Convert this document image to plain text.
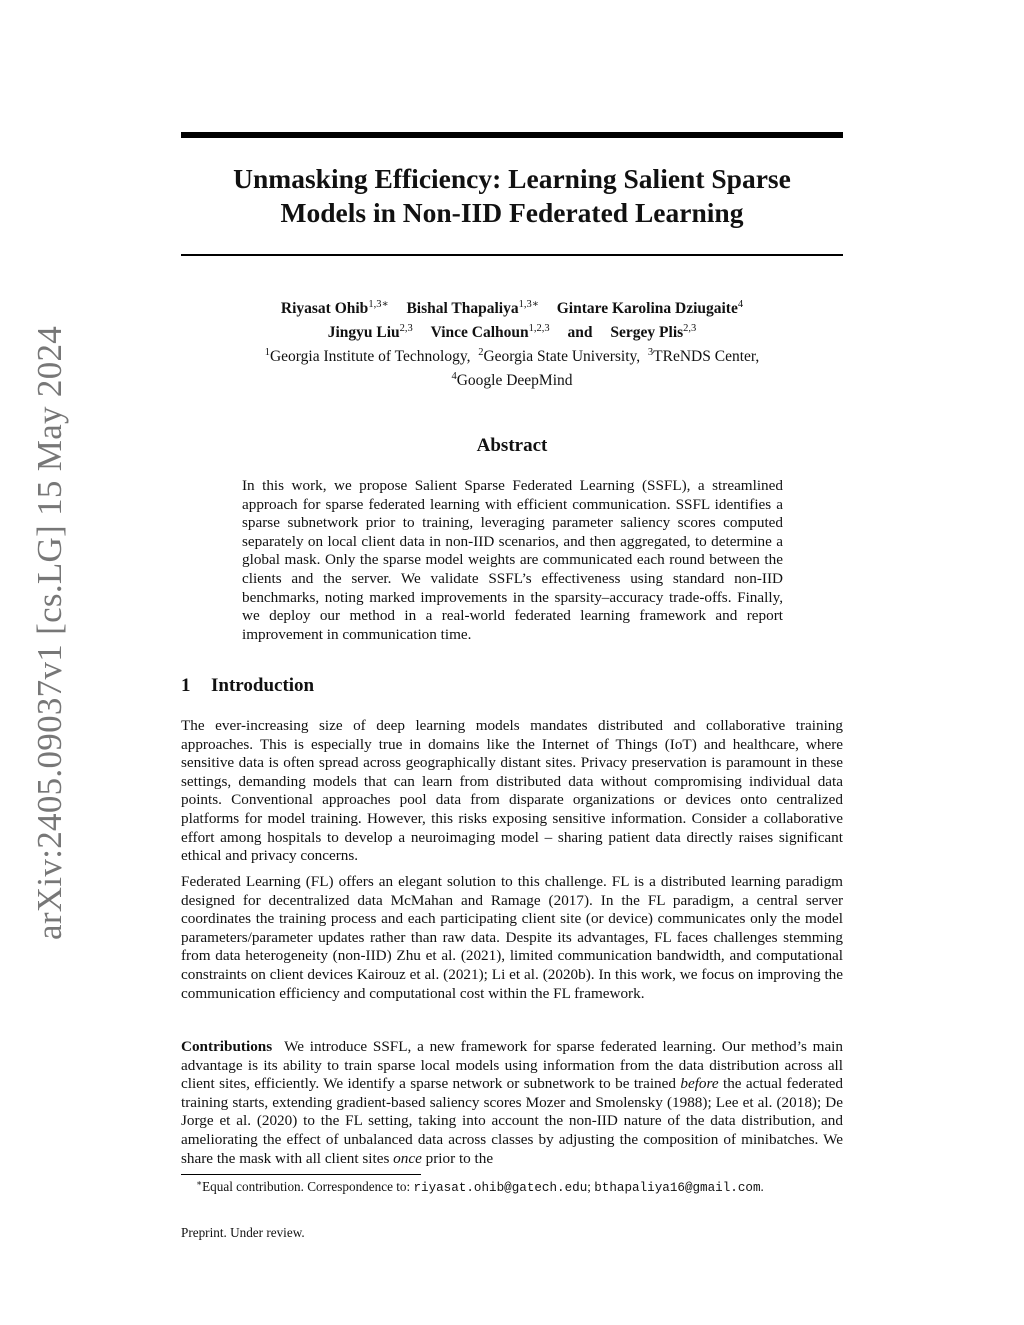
arXiv:2405.09037v1 [cs.LG] 15 May 2024
Unmasking Efficiency: Learning Salient Sparse
Models in Non-IID Federated Learning
Riyasat Ohib$^{1,3∗}$ Bishal Thapaliya$^{1,3∗}$ Gintare Karolina Dziugaite$^4$
Jingyu Liu$^{2,3}$ Vince Calhoun$^{1,2,3}$ and Sergey Plis$^{2,3}$
$^1$Georgia Institute of Technology, $^2$Georgia State University, $^3$TReNDS Center,
$^4$Google DeepMind
Abstract

In this work, we propose Salient Sparse Federated Learning (SSFL), a streamlined approach for sparse federated learning with efficient communication. SSFL identifies a sparse subnetwork prior to training, leveraging parameter saliency scores computed separately on local client data in non-IID scenarios, and then aggregated, to determine a global mask. Only the sparse model weights are communicated each round between the clients and the server. We validate SSFL’s effectiveness using standard non-IID benchmarks, noting marked improvements in the sparsity–accuracy trade-offs. Finally, we deploy our method in a real-world federated learning framework and report improvement in communication time.

1 Introduction

The ever-increasing size of deep learning models mandates distributed and collaborative training approaches. This is especially true in domains like the Internet of Things (IoT) and healthcare, where sensitive data is often spread across geographically distant sites. Privacy preservation is paramount in these settings, demanding models that can learn from distributed data without compromising individual data points. Conventional approaches pool data from disparate organizations or devices onto centralized platforms for model training. However, this risks exposing sensitive information. Consider a collaborative effort among hospitals to develop a neuroimaging model – sharing patient data directly raises significant ethical and privacy concerns.

Federated Learning (FL) offers an elegant solution to this challenge. FL is a distributed learning paradigm designed for decentralized data McMahan and Ramage (2017). In the FL paradigm, a central server coordinates the training process and each participating client site (or device) communicates only the model parameters/parameter updates rather than raw data. Despite its advantages, FL faces challenges stemming from data heterogeneity (non-IID) Zhu et al. (2021), limited communication bandwidth, and computational constraints on client devices Kairouz et al. (2021); Li et al. (2020b). In this work, we focus on improving the communication efficiency and computational cost within the FL framework.

Contributions We introduce SSFL, a new framework for sparse federated learning. Our method’s main advantage is its ability to train sparse local models using information from the data distribution across all client sites, efficiently. We identify a sparse network or subnetwork to be trained before the actual federated training starts, extending gradient-based saliency scores Mozer and Smolensky (1988); Lee et al. (2018); De Jorge et al. (2020) to the FL setting, taking into account the non-IID nature of the data distribution, and ameliorating the effect of unbalanced data across classes by adjusting the composition of minibatches. We share the mask with all client sites once prior to the

∗Equal contribution. Correspondence to: riyasat.ohib@gatech.edu; bthapaliya16@gmail.com.
Preprint. Under review.
